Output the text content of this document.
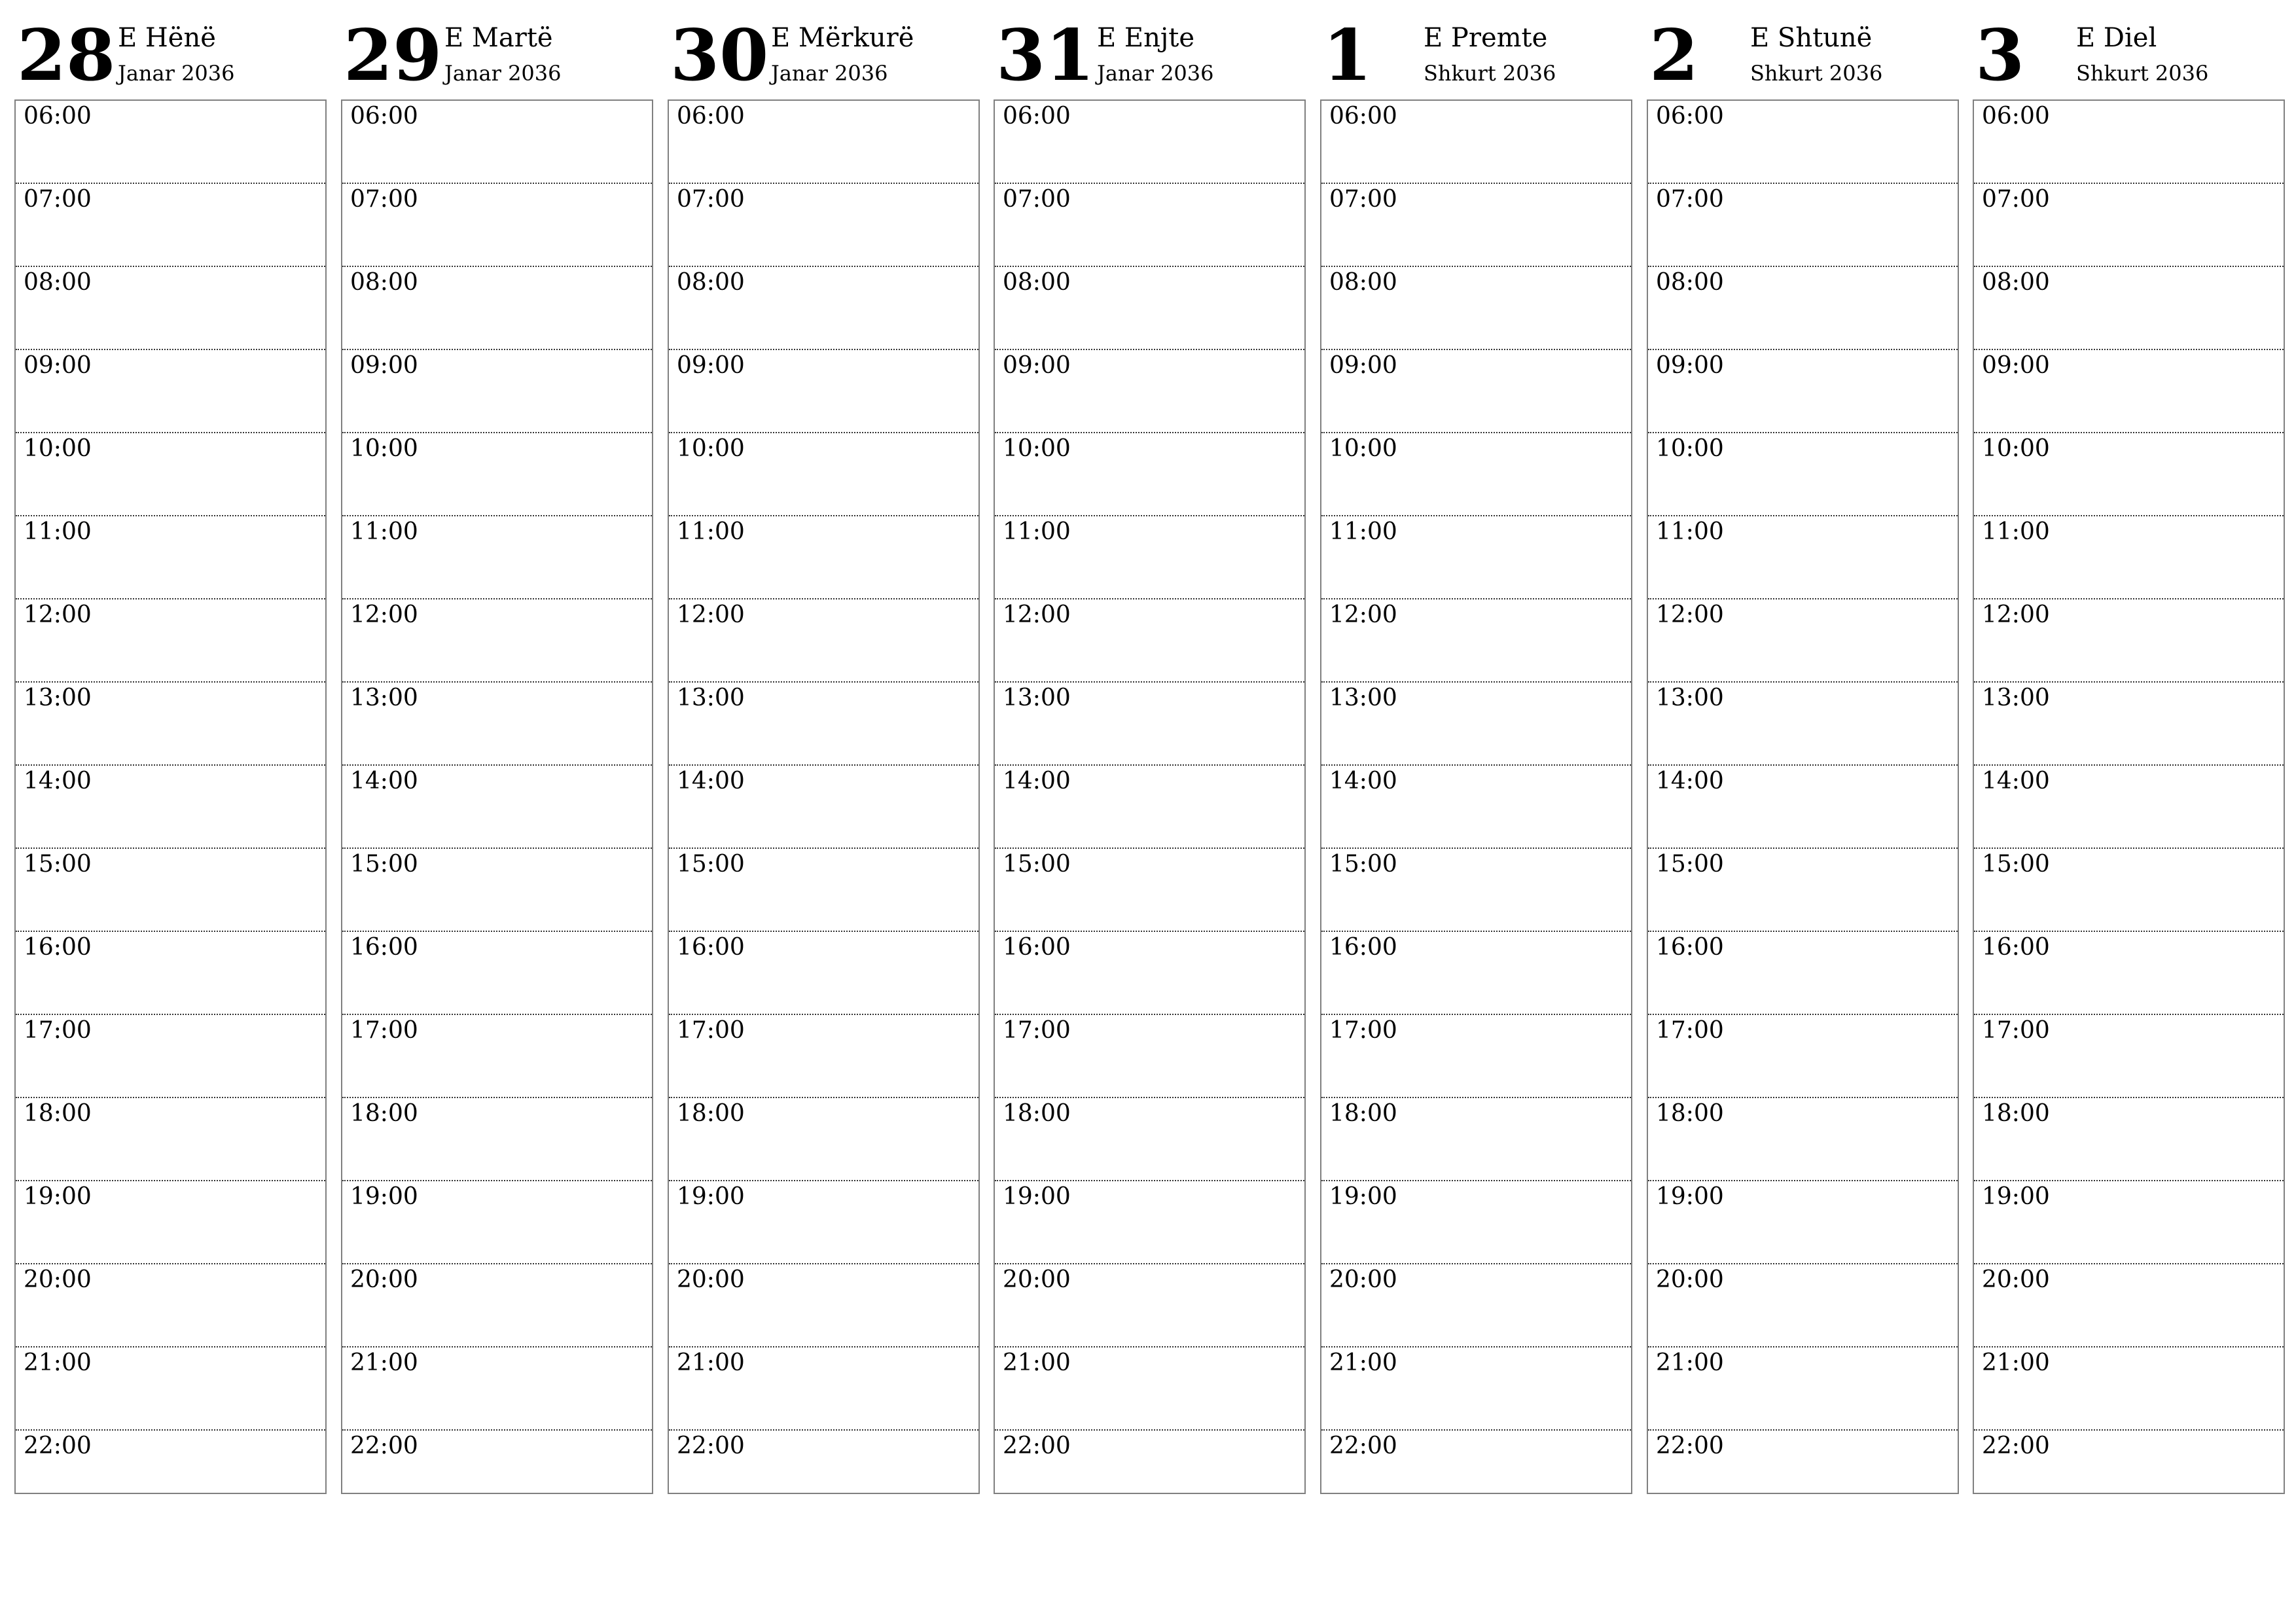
28 E Hënë
Janar 2036
06:00
07:00
08:00
09:00
10:00
11:00
12:00
13:00
14:00
15:00
16:00
17:00
18:00
19:00
20:00
21:00
22:00
29 E Martë
Janar 2036
06:00
07:00
08:00
09:00
10:00
11:00
12:00
13:00
14:00
15:00
16:00
17:00
18:00
19:00
20:00
21:00
22:00
30 E Mërkurë
Janar 2036
06:00
07:00
08:00
09:00
10:00
11:00
12:00
13:00
14:00
15:00
16:00
17:00
18:00
19:00
20:00
21:00
22:00
31 E Enjte
Janar 2036
06:00
07:00
08:00
09:00
10:00
11:00
12:00
13:00
14:00
15:00
16:00
17:00
18:00
19:00
20:00
21:00
22:00
1 E Premte
Shkurt 2036
06:00
07:00
08:00
09:00
10:00
11:00
12:00
13:00
14:00
15:00
16:00
17:00
18:00
19:00
20:00
21:00
22:00
2 E Shtunë
Shkurt 2036
06:00
07:00
08:00
09:00
10:00
11:00
12:00
13:00
14:00
15:00
16:00
17:00
18:00
19:00
20:00
21:00
22:00
3 E Diel
Shkurt 2036
06:00
07:00
08:00
09:00
10:00
11:00
12:00
13:00
14:00
15:00
16:00
17:00
18:00
19:00
20:00
21:00
22:00
